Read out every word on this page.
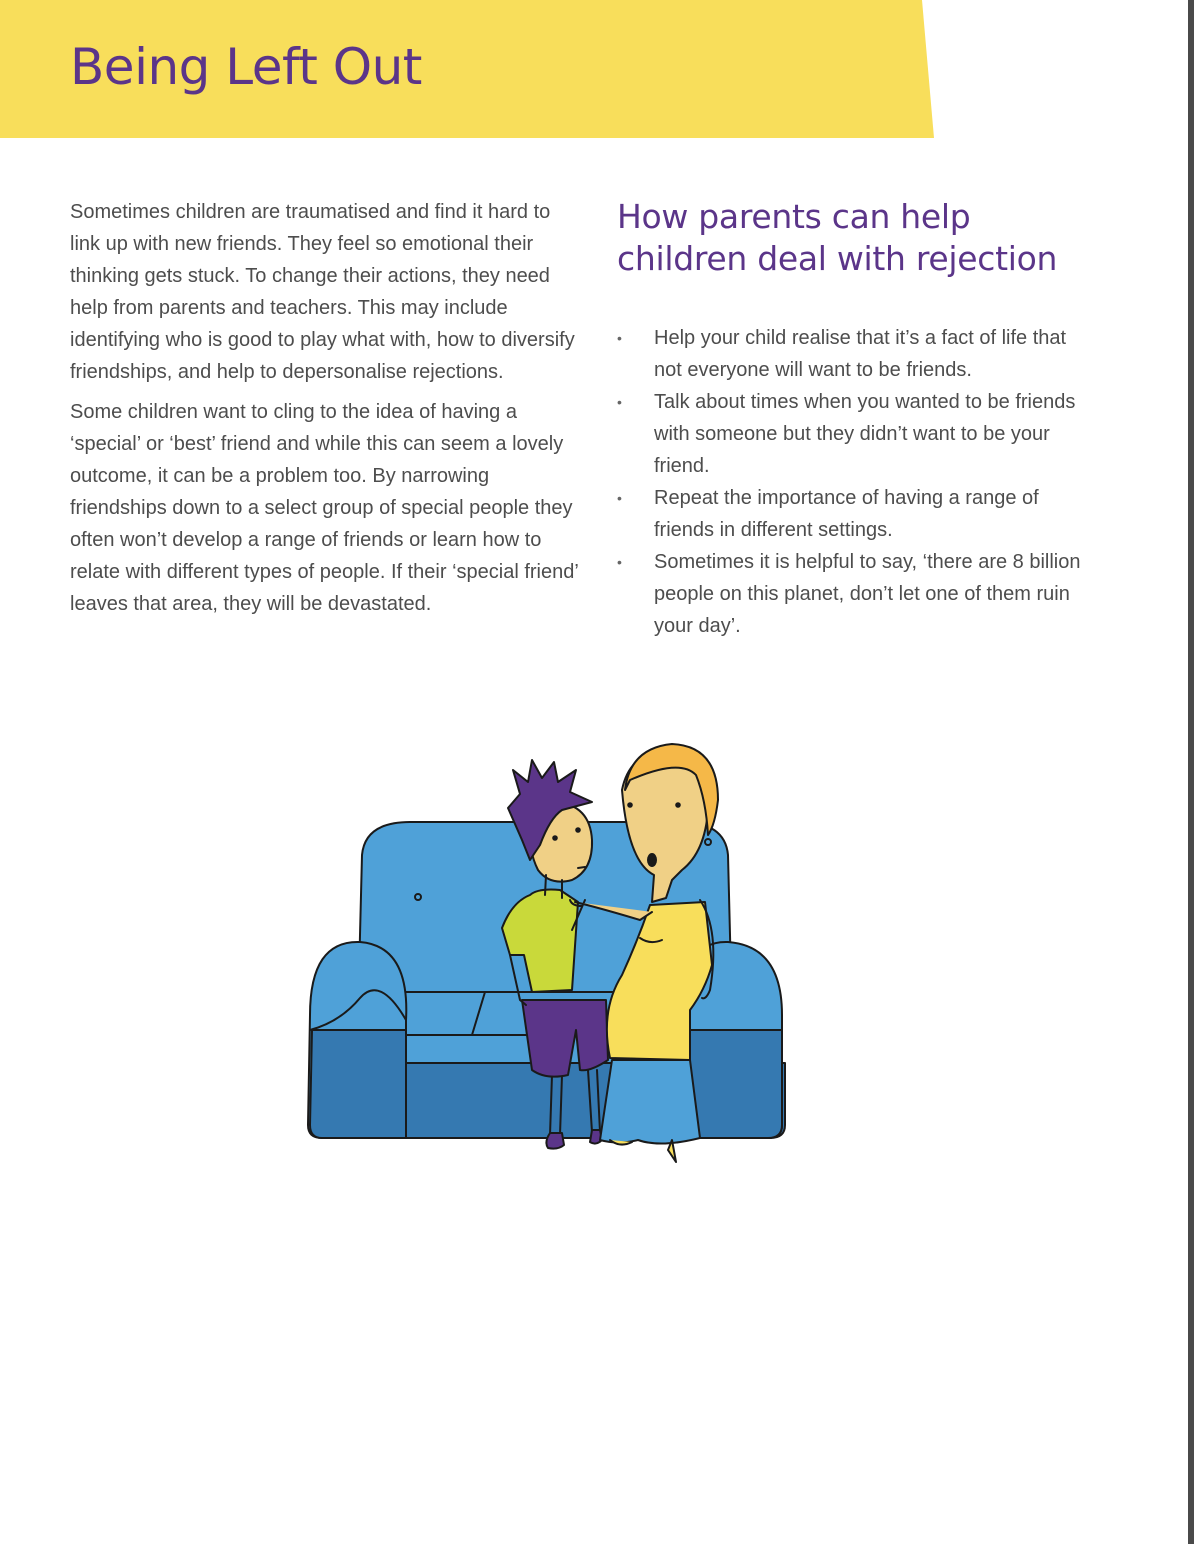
Being Left Out

Sometimes children are traumatised and find it hard to link up with new friends. They feel so emotional their thinking gets stuck. To change their actions, they need help from parents and teachers. This may include identifying who is good to play what with, how to diversify friendships, and help to depersonalise rejections.

Some children want to cling to the idea of having a ‘special’ or ‘best’ friend and while this can seem a lovely outcome, it can be a problem too. By narrowing friendships down to a select group of special people they often won’t develop a range of friends or learn how to relate with different types of people. If their ‘special friend’ leaves that area, they will be devastated.

How parents can help children deal with rejection
• Help your child realise that it’s a fact of life that not everyone will want to be friends.
• Talk about times when you wanted to be friends with someone but they didn’t want to be your friend.
• Repeat the importance of having a range of friends in different settings.
• Sometimes it is helpful to say, ‘there are 8 billion people on this planet, don’t let one of them ruin your day’.
